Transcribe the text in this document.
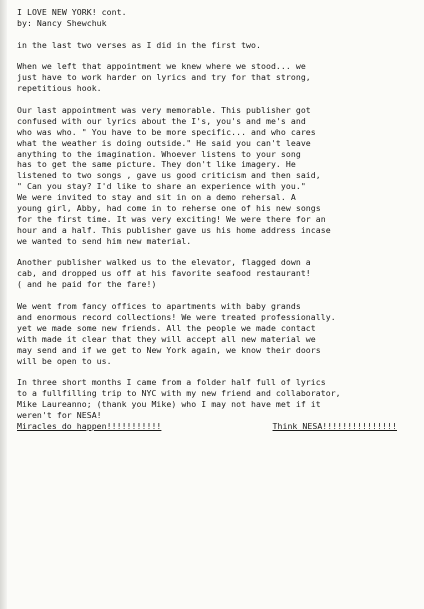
I LOVE NEW YORK! cont.
by: Nancy Shewchuk
in the last two verses as I did in the first two.
When we left that appointment we knew where we stood... we
just have to work harder on lyrics and try for that strong,
repetitious hook.
Our last appointment was very memorable. This publisher got
confused with our lyrics about the I's, you's and me's and
who was who. " You have to be more specific... and who cares
what the weather is doing outside." He said you can't leave
anything to the imagination. Whoever listens to your song
has to get the same picture. They don't like imagery. He
listened to two songs , gave us good criticism and then said,
" Can you stay? I'd like to share an experience with you."
We were invited to stay and sit in on a demo rehersal. A
young girl, Abby, had come in to reherse one of his new songs
for the first time. It was very exciting! We were there for an
hour and a half. This publisher gave us his home address incase
we wanted to send him new material.
Another publisher walked us to the elevator, flagged down a
cab, and dropped us off at his favorite seafood restaurant!
( and he paid for the fare!)
We went from fancy offices to apartments with baby grands
and enormous record collections! We were treated professionally.
yet we made some new friends. All the people we made contact
with made it clear that they will accept all new material we
may send and if we get to New York again, we know their doors
will be open to us.
In three short months I came from a folder half full of lyrics
to a fullfilling trip to NYC with my new friend and collaborator,
Mike Laureanno; (thank you Mike) who I may not have met if it
weren't for NESA!
Miracles do happen!!!!!!!!!!!	Think NESA!!!!!!!!!!!!!!!
